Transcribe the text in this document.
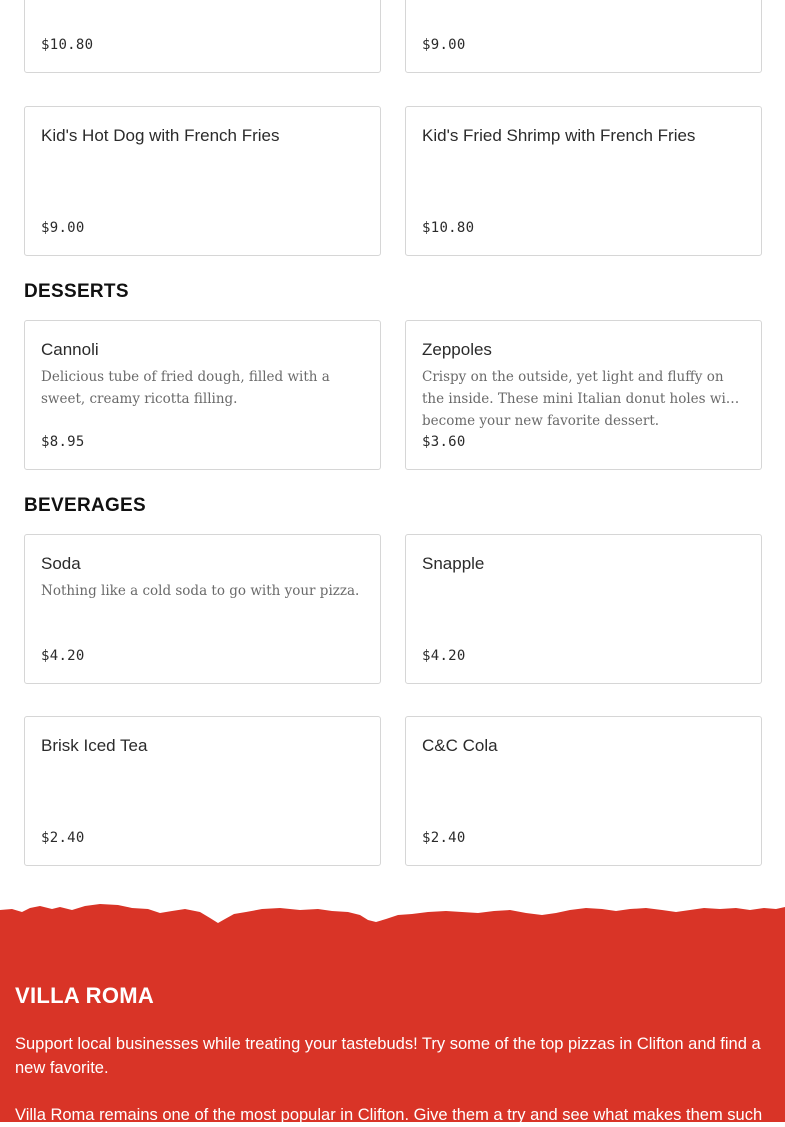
$10.80	$9.00
Kid's Hot Dog with French Fries
$9.00
Kid's Fried Shrimp with French Fries
$10.80
DESSERTS
Cannoli
Delicious tube of fried dough, filled with a sweet, creamy ricotta filling.
$8.95
Zeppoles
Crispy on the outside, yet light and fluffy on the inside. These mini Italian donut holes will become your new favorite dessert.
$3.60
BEVERAGES
Soda
Nothing like a cold soda to go with your pizza.
$4.20
Snapple
$4.20
Brisk Iced Tea
$2.40
C&C Cola
$2.40
VILLA ROMA
Support local businesses while treating your tastebuds! Try some of the top pizzas in Clifton and find a new favorite.
Villa Roma remains one of the most popular in Clifton. Give them a try and see what makes them such
